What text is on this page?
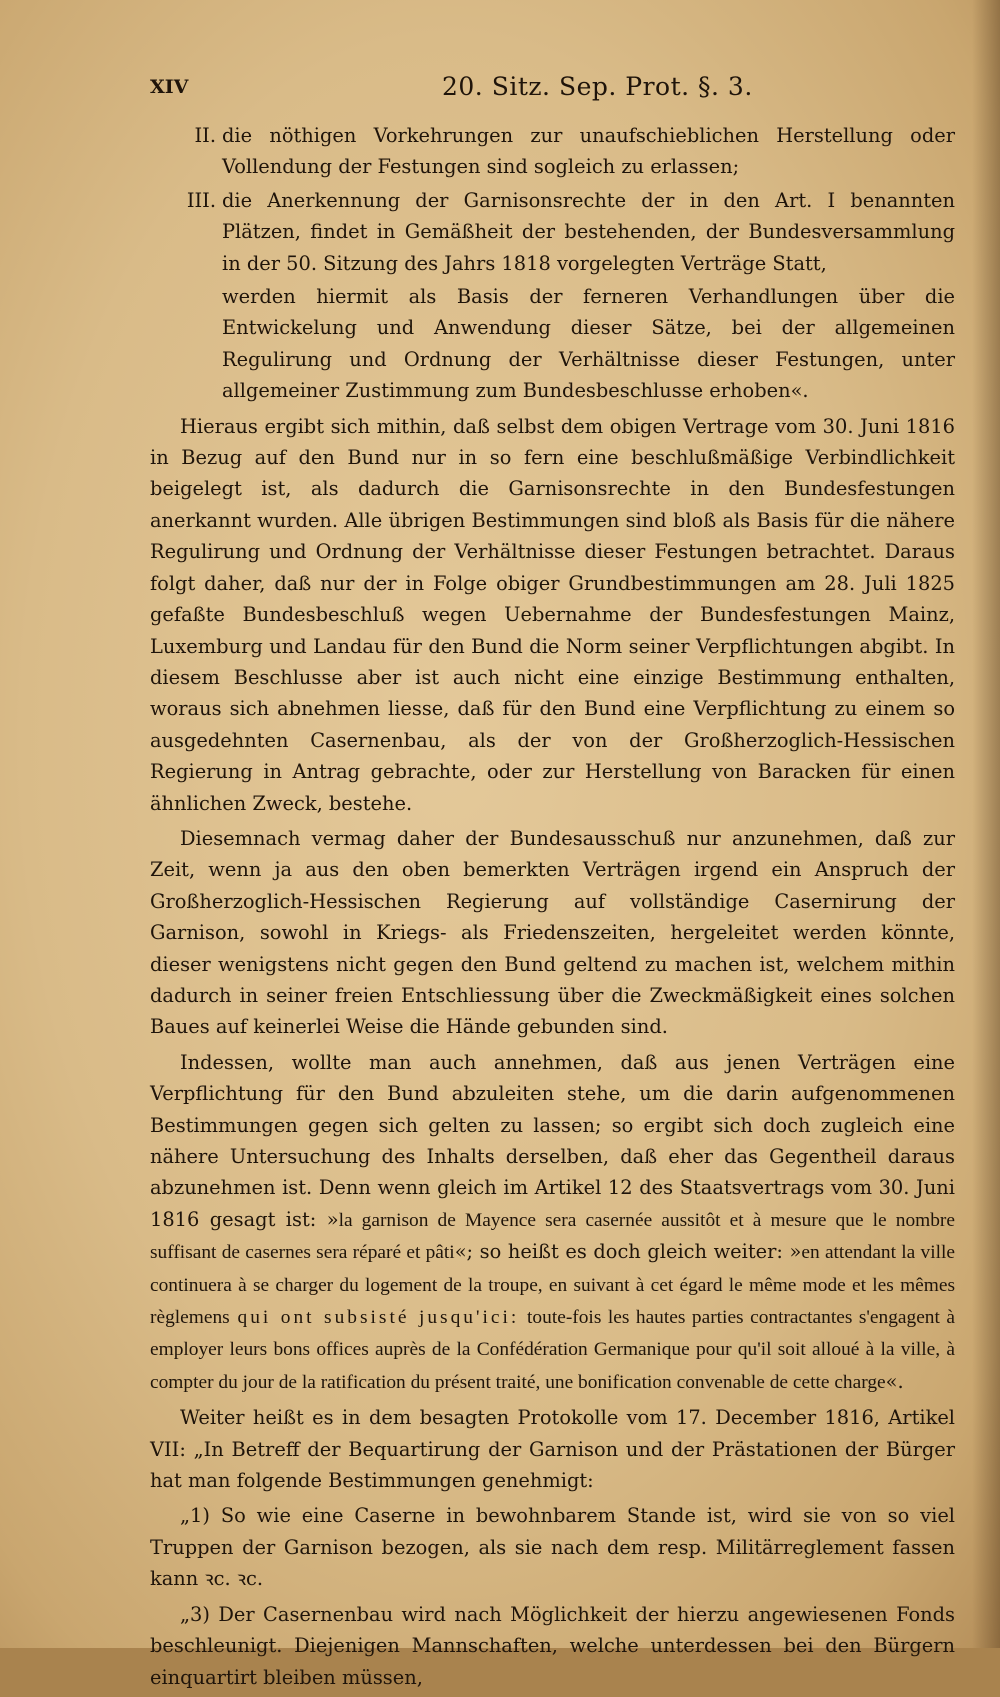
XIV	20. Sitz. Sep. Prot. §. 3.
II. die nöthigen Vorkehrungen zur unaufschieblichen Herstellung oder Vollendung der Festungen sind sogleich zu erlassen;
III. die Anerkennung der Garnisonsrechte der in den Art. I benannten Plätzen, findet in Gemäßheit der bestehenden, der Bundesversammlung in der 50. Sitzung des Jahrs 1818 vorgelegten Verträge Statt,

werden hiermit als Basis der ferneren Verhandlungen über die Entwickelung und Anwendung dieser Sätze, bei der allgemeinen Regulirung und Ordnung der Verhältnisse dieser Festungen, unter allgemeiner Zustimmung zum Bundesbeschlusse erhoben«.

Hieraus ergibt sich mithin, daß selbst dem obigen Vertrage vom 30. Juni 1816 in Bezug auf den Bund nur in so fern eine beschlußmäßige Verbindlichkeit beigelegt ist, als dadurch die Garnisonsrechte in den Bundesfestungen anerkannt wurden. Alle übrigen Bestimmungen sind bloß als Basis für die nähere Regulirung und Ordnung der Verhältnisse dieser Festungen betrachtet. Daraus folgt daher, daß nur der in Folge obiger Grundbestimmungen am 28. Juli 1825 gefaßte Bundesbeschluß wegen Uebernahme der Bundesfestungen Mainz, Luxemburg und Landau für den Bund die Norm seiner Verpflichtungen abgibt. In diesem Beschlusse aber ist auch nicht eine einzige Bestimmung enthalten, woraus sich abnehmen liesse, daß für den Bund eine Verpflichtung zu einem so ausgedehnten Casernenbau, als der von der Großherzoglich-Hessischen Regierung in Antrag gebrachte, oder zur Herstellung von Baracken für einen ähnlichen Zweck, bestehe.

Diesemnach vermag daher der Bundesausschuß nur anzunehmen, daß zur Zeit, wenn ja aus den oben bemerkten Verträgen irgend ein Anspruch der Großherzoglich-Hessischen Regierung auf vollständige Casernirung der Garnison, sowohl in Kriegs- als Friedenszeiten, hergeleitet werden könnte, dieser wenigstens nicht gegen den Bund geltend zu machen ist, welchem mithin dadurch in seiner freien Entschliessung über die Zweckmäßigkeit eines solchen Baues auf keinerlei Weise die Hände gebunden sind.

Indessen, wollte man auch annehmen, daß aus jenen Verträgen eine Verpflichtung für den Bund abzuleiten stehe, um die darin aufgenommenen Bestimmungen gegen sich gelten zu lassen; so ergibt sich doch zugleich eine nähere Untersuchung des Inhalts derselben, daß eher das Gegentheil daraus abzunehmen ist. Denn wenn gleich im Artikel 12 des Staatsvertrags vom 30. Juni 1816 gesagt ist: »la garnison de Mayence sera casernée aussitôt et à mesure que le nombre suffisant de casernes sera réparé et pâti«; so heißt es doch gleich weiter: »en attendant la ville continuera à se charger du logement de la troupe, en suivant à cet égard le même mode et les mêmes règlemens qui ont subsisté jusqu'ici: toute-fois les hautes parties contractantes s'engagent à employer leurs bons offices auprès de la Confédération Germanique pour qu'il soit alloué à la ville, à compter du jour de la ratification du présent traité, une bonification convenable de cette charge«.

Weiter heißt es in dem besagten Protokolle vom 17. December 1816, Artikel VII: „In Betreff der Bequartirung der Garnison und der Prästationen der Bürger hat man folgende Bestimmungen genehmigt:

„1) So wie eine Caserne in bewohnbarem Stande ist, wird sie von so viel Truppen der Garnison bezogen, als sie nach dem resp. Militärreglement fassen kann ꝛc. ꝛc.

„3) Der Casernenbau wird nach Möglichkeit der hierzu angewiesenen Fonds beschleunigt. Diejenigen Mannschaften, welche unterdessen bei den Bürgern einquartirt bleiben müssen,
